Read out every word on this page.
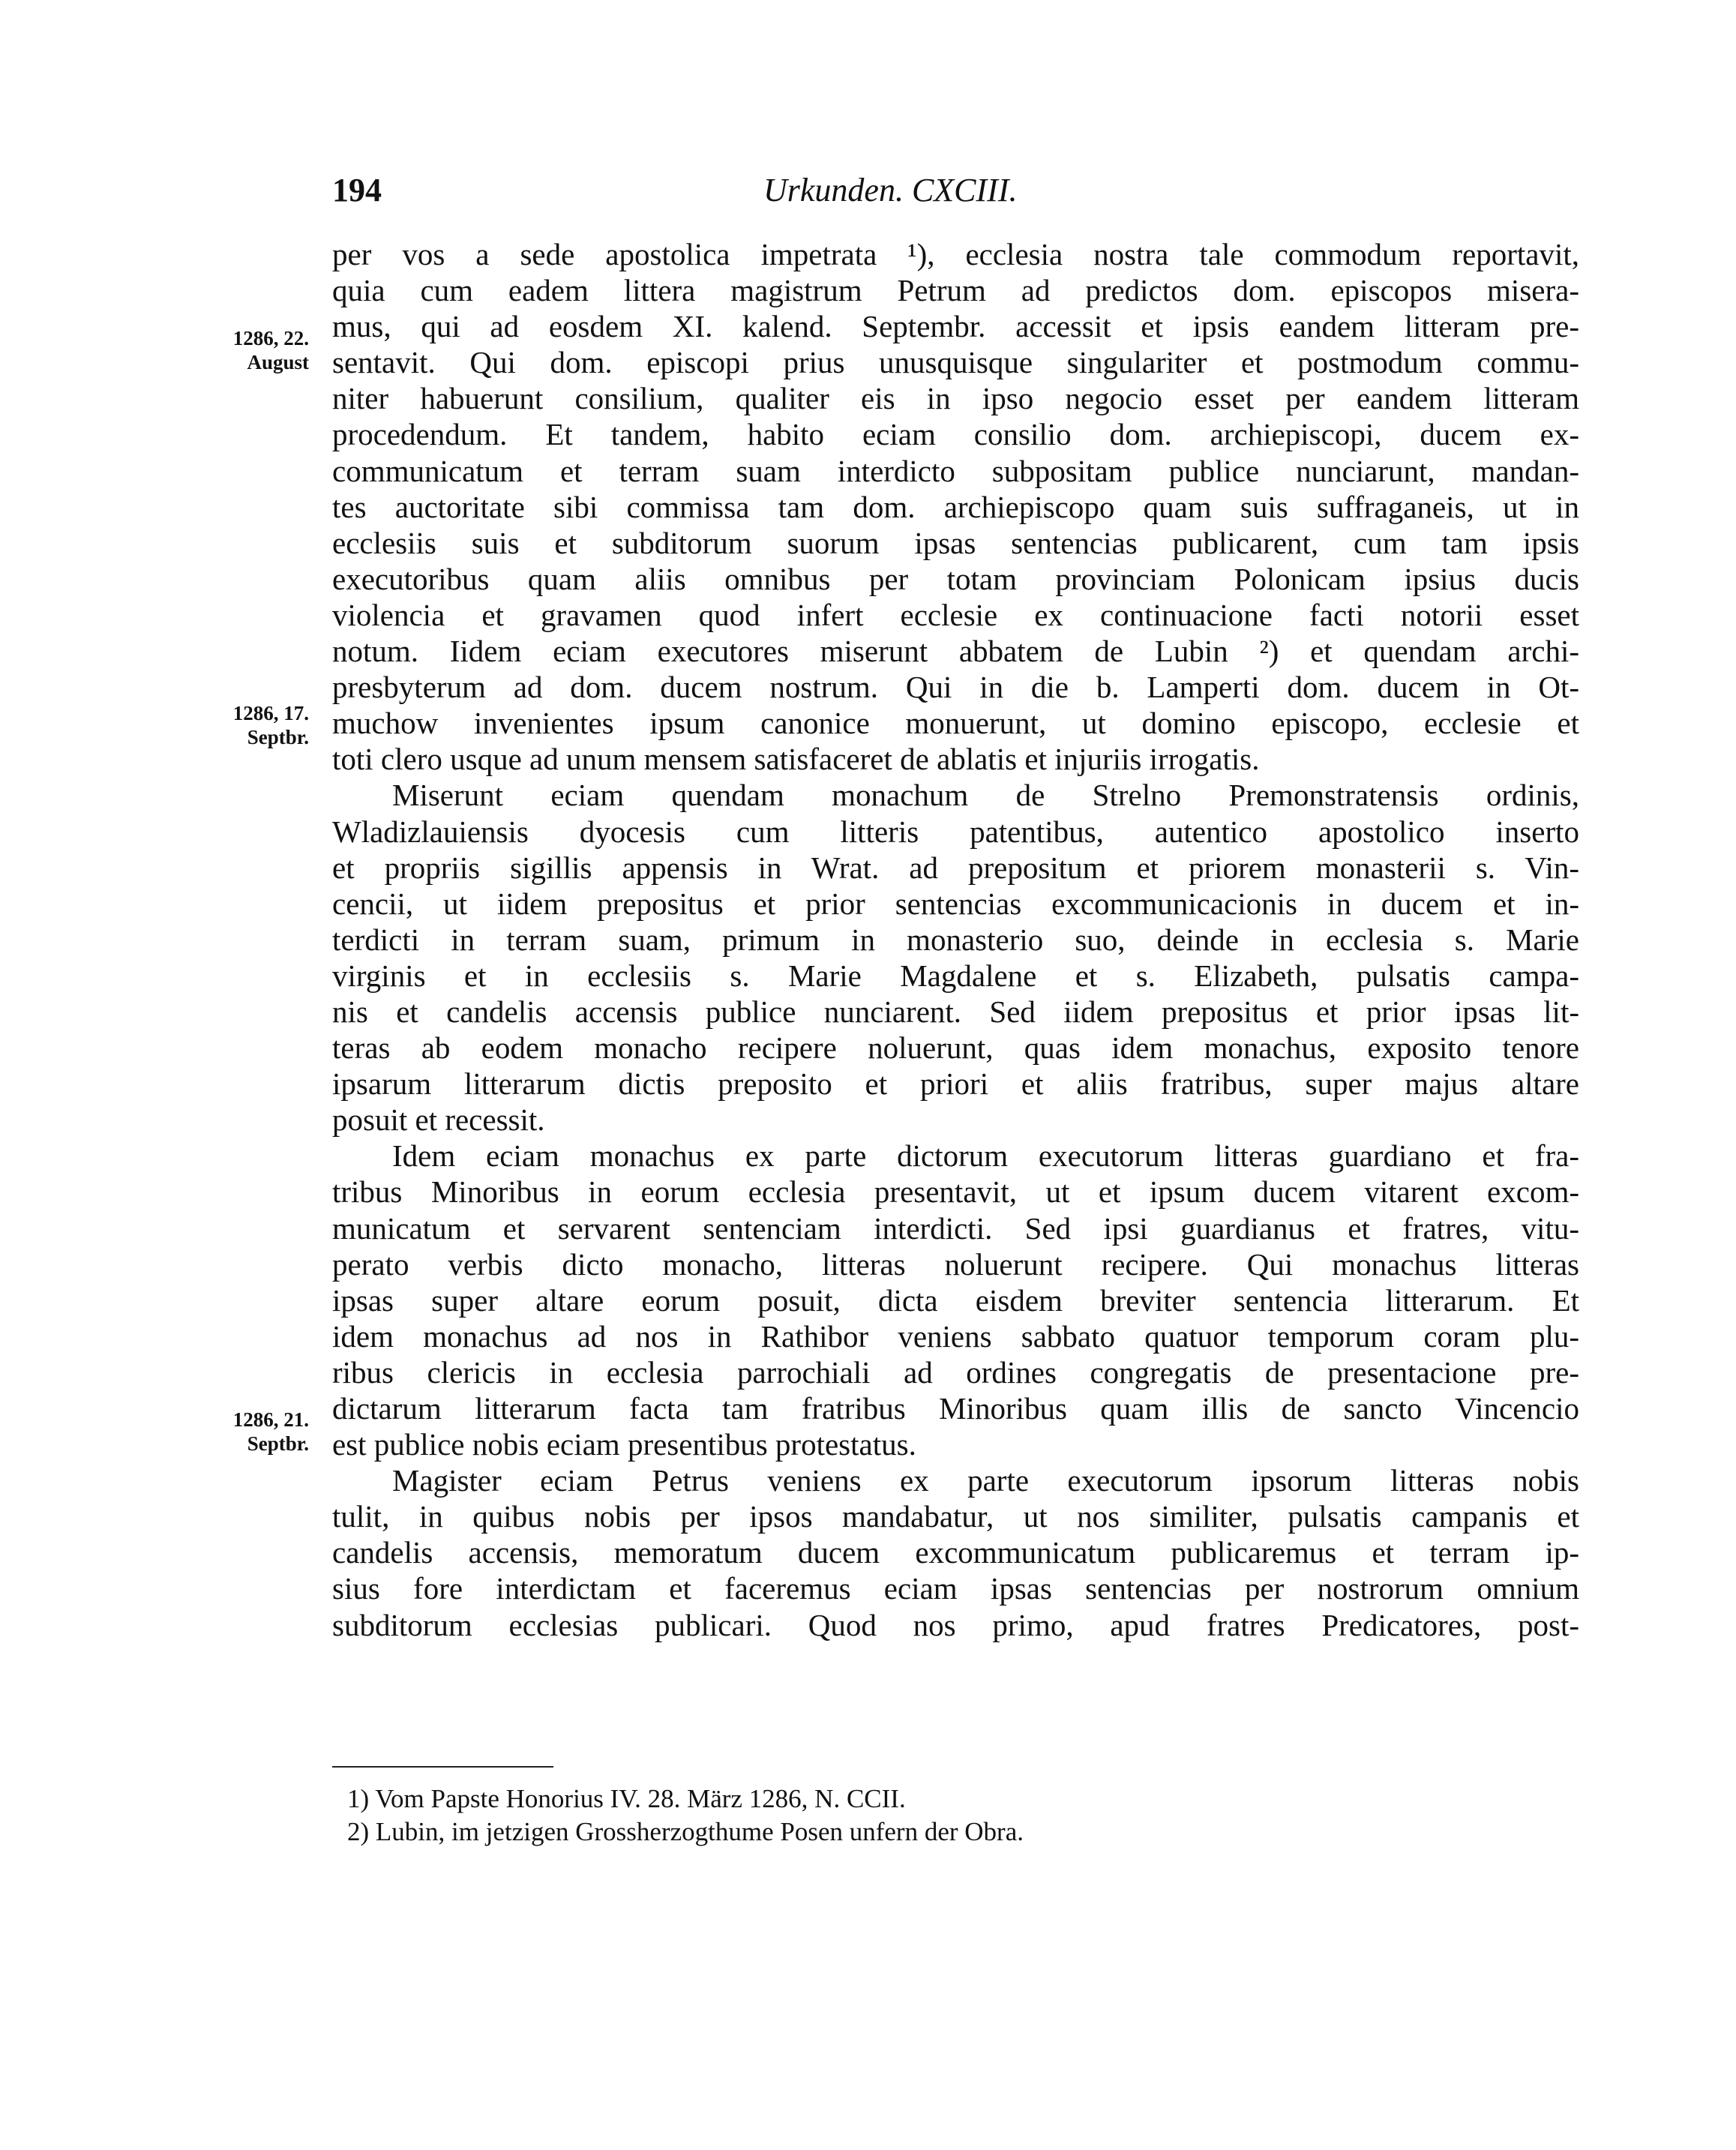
194	Urkunden. CXCIII.
1286, 22. August
1286, 17. Septbr.
1286, 21. Septbr.
per vos a sede apostolica impetrata ¹), ecclesia nostra tale commodum reportavit,
quia cum eadem littera magistrum Petrum ad predictos dom. episcopos misera-
mus, qui ad eosdem XI. kalend. Septembr. accessit et ipsis eandem litteram pre-
sentavit. Qui dom. episcopi prius unusquisque singulariter et postmodum commu-
niter habuerunt consilium, qualiter eis in ipso negocio esset per eandem litteram
procedendum. Et tandem, habito eciam consilio dom. archiepiscopi, ducem ex-
communicatum et terram suam interdicto subpositam publice nunciarunt, mandan-
tes auctoritate sibi commissa tam dom. archiepiscopo quam suis suffraganeis, ut in
ecclesiis suis et subditorum suorum ipsas sentencias publicarent, cum tam ipsis
executoribus quam aliis omnibus per totam provinciam Polonicam ipsius ducis
violencia et gravamen quod infert ecclesie ex continuacione facti notorii esset
notum. Iidem eciam executores miserunt abbatem de Lubin ²) et quendam archi-
presbyterum ad dom. ducem nostrum. Qui in die b. Lamperti dom. ducem in Ot-
muchow invenientes ipsum canonice monuerunt, ut domino episcopo, ecclesie et
toti clero usque ad unum mensem satisfaceret de ablatis et injuriis irrogatis.
Miserunt eciam quendam monachum de Strelno Premonstratensis ordinis,
Wladizlauiensis dyocesis cum litteris patentibus, autentico apostolico inserto
et propriis sigillis appensis in Wrat. ad prepositum et priorem monasterii s. Vin-
cencii, ut iidem prepositus et prior sentencias excommunicacionis in ducem et in-
terdicti in terram suam, primum in monasterio suo, deinde in ecclesia s. Marie
virginis et in ecclesiis s. Marie Magdalene et s. Elizabeth, pulsatis campa-
nis et candelis accensis publice nunciarent. Sed iidem prepositus et prior ipsas lit-
teras ab eodem monacho recipere noluerunt, quas idem monachus, exposito tenore
ipsarum litterarum dictis preposito et priori et aliis fratribus, super majus altare
posuit et recessit.
Idem eciam monachus ex parte dictorum executorum litteras guardiano et fra-
tribus Minoribus in eorum ecclesia presentavit, ut et ipsum ducem vitarent excom-
municatum et servarent sentenciam interdicti. Sed ipsi guardianus et fratres, vitu-
perato verbis dicto monacho, litteras noluerunt recipere. Qui monachus litteras
ipsas super altare eorum posuit, dicta eisdem breviter sentencia litterarum. Et
idem monachus ad nos in Rathibor veniens sabbato quatuor temporum coram plu-
ribus clericis in ecclesia parrochiali ad ordines congregatis de presentacione pre-
dictarum litterarum facta tam fratribus Minoribus quam illis de sancto Vincencio
est publice nobis eciam presentibus protestatus.
Magister eciam Petrus veniens ex parte executorum ipsorum litteras nobis
tulit, in quibus nobis per ipsos mandabatur, ut nos similiter, pulsatis campanis et
candelis accensis, memoratum ducem excommunicatum publicaremus et terram ip-
sius fore interdictam et faceremus eciam ipsas sentencias per nostrorum omnium
subditorum ecclesias publicari. Quod nos primo, apud fratres Predicatores, post-
1) Vom Papste Honorius IV. 28. März 1286, N. CCII.
2) Lubin, im jetzigen Grossherzogthume Posen unfern der Obra.
